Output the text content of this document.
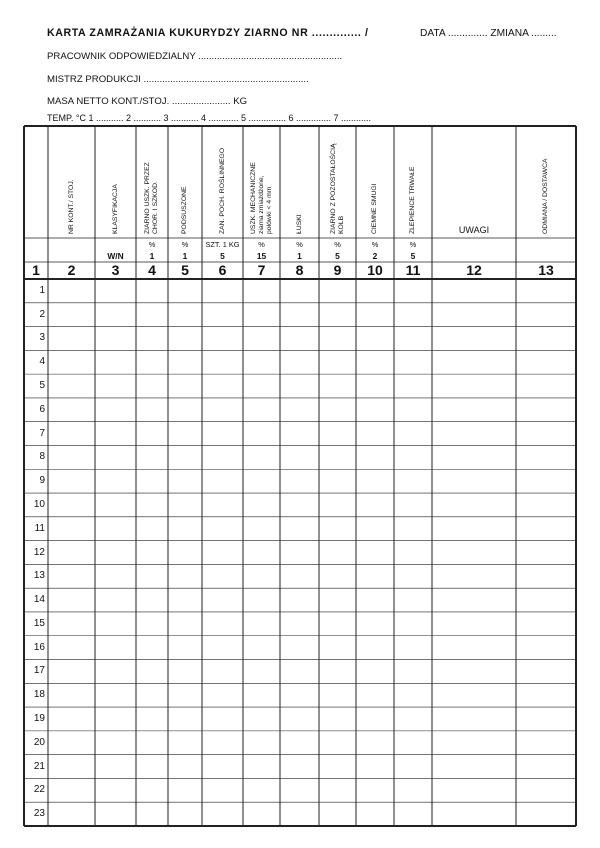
KARTA ZAMRAŻANIA KUKURYDZY ZIARNO NR .............. /	DATA .............. ZMIANA .........
PRACOWNIK ODPOWIEDZIALNY ......................................................
MISTRZ PRODUKCJI ..............................................................
MASA NETTO KONT./STOJ. ...................... KG
TEMP. °C 1 ........... 2 ........... 3 ........... 4 ............ 5 ............... 6 .............. 7 ............
1
NR KONT./ STOJ.
2
KLASYFIKACJA
W/N
3
ZIARNO USZK. PRZEZ CHOR. I SZKOD.
%
1
4
PODSUSZONE
%
1
5
ZAN. POCH. ROŚLINNEGO
SZT. 1 KG
5
6
USZK. MECHANICZNE ziarna zmiażdżone, połówki < 4 mm
%
15
7
ŁUSKI
%
1
8
ZIARNO Z POZOSTAŁOŚCIĄ KOLB
%
5
9
CIEMNE SMUGI
%
2
10
ZLEPIENCE TRWAŁE
%
5
11
UWAGI
12
ODMIANA / DOSTAWCA
13
1
2
3
4
5
6
7
8
9
10
11
12
13
14
15
16
17
18
19
20
21
22
23
